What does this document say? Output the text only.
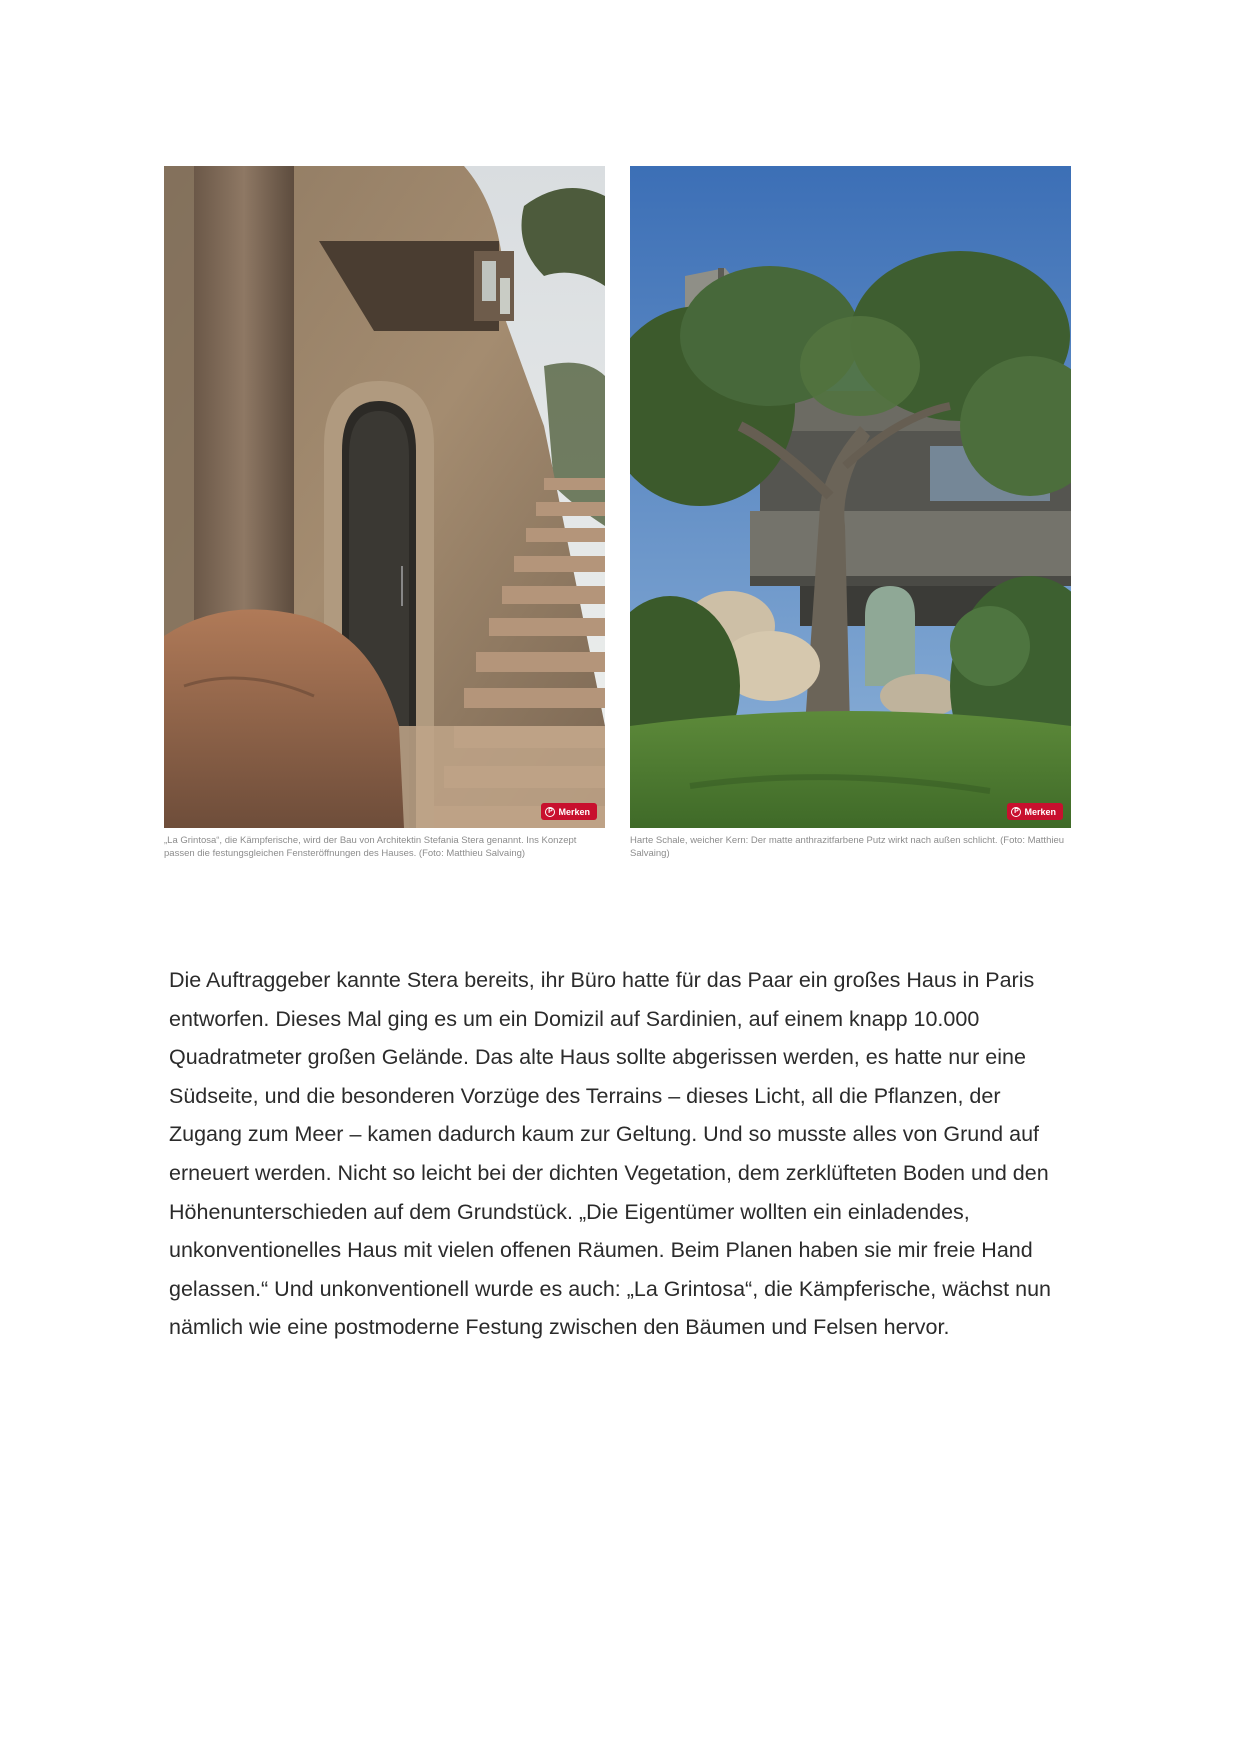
P Merken	P Merken

„La Grintosa“, die Kämpferische, wird der Bau von Architektin Stefania Stera genannt. Ins Konzept passen die festungsgleichen Fensteröffnungen des Hauses. (Foto: Matthieu Salvaing)

Harte Schale, weicher Kern: Der matte anthrazitfarbene Putz wirkt nach außen schlicht. (Foto: Matthieu Salvaing)

Die Auftraggeber kannte Stera bereits, ihr Büro hatte für das Paar ein großes Haus in Paris entworfen. Dieses Mal ging es um ein Domizil auf Sardinien, auf einem knapp 10.000 Quadratmeter großen Gelände. Das alte Haus sollte abgerissen werden, es hatte nur eine Südseite, und die besonderen Vorzüge des Terrains – dieses Licht, all die Pflanzen, der Zugang zum Meer – kamen dadurch kaum zur Geltung. Und so musste alles von Grund auf erneuert werden. Nicht so leicht bei der dichten Vegetation, dem zerklüfteten Boden und den Höhenunterschieden auf dem Grundstück. „Die Eigentümer wollten ein einladendes, unkonventionelles Haus mit vielen offenen Räumen. Beim Planen haben sie mir freie Hand gelassen.“ Und unkonventionell wurde es auch: „La Grintosa“, die Kämpferische, wächst nun nämlich wie eine postmoderne Festung zwischen den Bäumen und Felsen hervor.
